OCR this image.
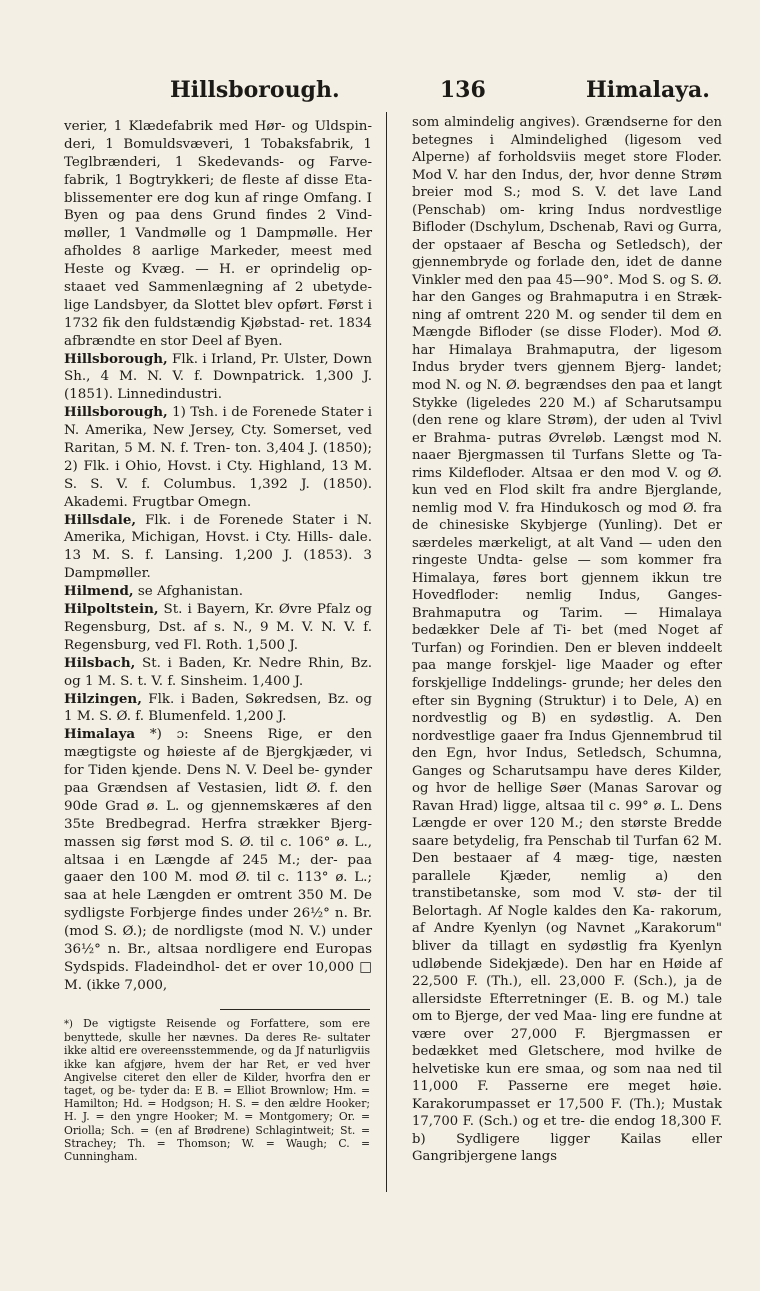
Hillsborough.	136	Himalaya.

verier, 1 Klædefabrik med Hør- og Uldspin- deri, 1 Bomuldsvæveri, 1 Tobaksfabrik, 1 Teglbrænderi, 1 Skedevands- og Farve- fabrik, 1 Bogtrykkeri; de fleste af disse Eta- blissementer ere dog kun af ringe Omfang. I Byen og paa dens Grund findes 2 Vind- møller, 1 Vandmølle og 1 Dampmølle. Her afholdes 8 aarlige Markeder, meest med Heste og Kvæg. — H. er oprindelig op- staaet ved Sammenlægning af 2 ubetyde- lige Landsbyer, da Slottet blev opført. Først i 1732 fik den fuldstændig Kjøbstad- ret. 1834 afbrændte en stor Deel af Byen.

Hillsborough, Flk. i Irland, Pr. Ulster, Down Sh., 4 M. N. V. f. Downpatrick. 1,300 J. (1851). Linnedindustri.

Hillsborough, 1) Tsh. i de Forenede Stater i N. Amerika, New Jersey, Cty. Somerset, ved Raritan, 5 M. N. f. Tren- ton. 3,404 J. (1850); 2) Flk. i Ohio, Hovst. i Cty. Highland, 13 M. S. S. V. f. Columbus. 1,392 J. (1850). Akademi. Frugtbar Omegn.

Hillsdale, Flk. i de Forenede Stater i N. Amerika, Michigan, Hovst. i Cty. Hills- dale. 13 M. S. f. Lansing. 1,200 J. (1853). 3 Dampmøller.

Hilmend, se Afghanistan.

Hilpoltstein, St. i Bayern, Kr. Øvre Pfalz og Regensburg, Dst. af s. N., 9 M. V. N. V. f. Regensburg, ved Fl. Roth. 1,500 J.

Hilsbach, St. i Baden, Kr. Nedre Rhin, Bz. og 1 M. S. t. V. f. Sinsheim. 1,400 J.

Hilzingen, Flk. i Baden, Søkredsen, Bz. og 1 M. S. Ø. f. Blumenfeld. 1,200 J.

Himalaya *) ɔ: Sneens Rige, er den mægtigste og høieste af de Bjergkjæder, vi for Tiden kjende. Dens N. V. Deel be- gynder paa Grændsen af Vestasien, lidt Ø. f. den 90de Grad ø. L. og gjennemskæres af den 35te Bredbegrad. Herfra strækker Bjerg- massen sig først mod S. Ø. til c. 106° ø. L., altsaa i en Længde af 245 M.; der- paa gaaer den 100 M. mod Ø. til c. 113° ø. L.; saa at hele Længden er omtrent 350 M. De sydligste Forbjerge findes under 26½° n. Br. (mod S. Ø.); de nordligste (mod N. V.) under 36½° n. Br., altsaa nordligere end Europas Sydspids. Fladeindhol- det er over 10,000 □ M. (ikke 7,000,

*) De vigtigste Reisende og Forfattere, som ere benyttede, skulle her nævnes. Da deres Re- sultater ikke altid ere overeensstemmende, og da Jf naturligviis ikke kan afgjøre, hvem der har Ret, er ved hver Angivelse citeret den eller de Kilder, hvorfra den er taget, og be- tyder da: E B. = Elliot Brownlow; Hm. = Hamilton; Hd. = Hodgson; H. S. = den ældre Hooker; H. J. = den yngre Hooker; M. = Montgomery; Or. = Oriolla; Sch. = (en af Brødrene) Schlagintweit; St. = Strachey; Th. = Thomson; W. = Waugh; C. = Cunningham.

som almindelig angives). Grændserne for den betegnes i Almindelighed (ligesom ved Alperne) af forholdsviis meget store Floder. Mod V. har den Indus, der, hvor denne Strøm breier mod S.; mod S. V. det lave Land (Penschab) om- kring Indus nordvestlige Bifloder (Dschylum, Dschenab, Ravi og Gurra, der opstaaer af Beschа og Setledsch), der gjennembryde og forlade den, idet de danne Vinkler med den paa 45—90°. Mod S. og S. Ø. har den Ganges og Brahmaputra i en Stræk- ning af omtrent 220 M. og sender til dem en Mængde Bifloder (se disse Floder). Mod Ø. har Himalaya Brahmaputra, der ligesom Indus bryder tvers gjennem Bjerg- landet; mod N. og N. Ø. begrændses den paa et langt Stykke (ligeledes 220 M.) af Scharutsampu (den rene og klare Strøm), der uden al Tvivl er Brahma- putras Øvreløb. Længst mod N. naaer Bjergmassen til Turfans Slette og Ta- rims Kildefloder. Altsaa er den mod V. og Ø. kun ved en Flod skilt fra andre Bjerglande, nemlig mod V. fra Hindukosch og mod Ø. fra de chinesiske Skybjerge (Yunling). Det er særdeles mærkeligt, at alt Vand — uden den ringeste Undta- gelse — som kommer fra Himalaya, føres bort gjennem ikkun tre Hovedfloder: nemlig Indus, Ganges-Brahmaputra og Tarim. — Himalaya bedækker Dele af Ti- bet (med Noget af Turfan) og Forindien. Den er bleven inddeelt paa mange forskjel- lige Maader og efter forskjellige Inddelings- grunde; her deles den efter sin Bygning (Struktur) i to Dele, A) en nordvestlig og B) en sydøstlig. A. Den nordvestlige gaaer fra Indus Gjennembrud til den Egn, hvor Indus, Setledsch, Schumna, Ganges og Scharutsampu have deres Kilder, og hvor de hellige Søer (Manas Sarovar og Ravan Hrad) ligge, altsaa til c. 99° ø. L. Dens Længde er over 120 M.; den største Bredde saare betydelig, fra Penschab til Turfan 62 M. Den bestaaer af 4 mæg- tige, næsten parallele Kjæder, nemlig a) den transtibetanske, som mod V. stø- der til Belortagh. Af Nogle kaldes den Ka- rakorum, af Andre Kyenlyn (og Navnet „Karakorum" bliver da tillagt en sydøstlig fra Kyenlyn udløbende Sidekjæde). Den har en Høide af 22,500 F. (Th.), ell. 23,000 F. (Sch.), ja de allersidste Efterretninger (E. B. og M.) tale om to Bjerge, der ved Maa- ling ere fundne at være over 27,000 F. Bjergmassen er bedækket med Gletschere, mod hvilke de helvetiske kun ere smaa, og som naa ned til 11,000 F. Passerne ere meget høie. Karakorumpasset er 17,500 F. (Th.); Mustak 17,700 F. (Sch.) og et tre- die endog 18,300 F. b) Sydligere ligger Kailas eller Gangribjergene langs
